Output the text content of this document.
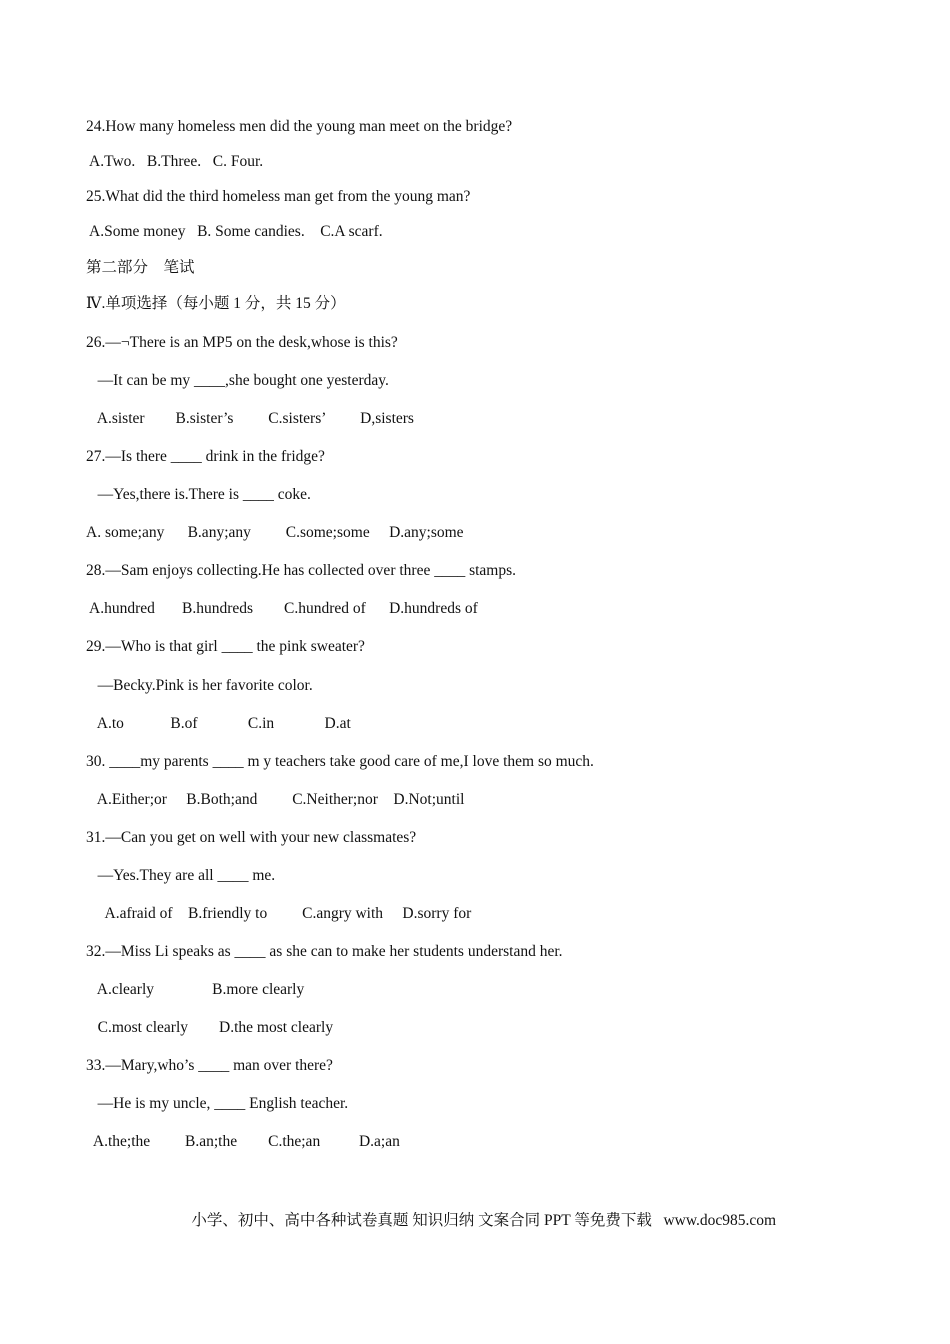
24.How many homeless men did the young man meet on the bridge?
A.Two.   B.Three.   C. Four.
25.What did the third homeless man get from the young man?
A.Some money   B. Some candies.    C.A scarf.
第二部分    笔试
Ⅳ.单项选择（每小题 1 分，共 15 分）
26.—¬There is an MP5 on the desk,whose is this?
—It can be my ____,she bought one yesterday.
A.sister        B.sister’s         C.sisters’         D,sisters
27.—Is there ____ drink in the fridge?
—Yes,there is.There is ____ coke.
A. some;any      B.any;any         C.some;some     D.any;some
28.—Sam enjoys collecting.He has collected over three ____ stamps.
A.hundred       B.hundreds        C.hundred of      D.hundreds of
29.—Who is that girl ____ the pink sweater?
—Becky.Pink is her favorite color.
A.to            B.of             C.in             D.at
30. ____my parents ____ m y teachers take good care of me,I love them so much.
A.Either;or     B.Both;and         C.Neither;nor    D.Not;until
31.—Can you get on well with your new classmates?
—Yes.They are all ____ me.
A.afraid of    B.friendly to         C.angry with     D.sorry for
32.—Miss Li speaks as ____ as she can to make her students understand her.
A.clearly               B.more clearly
C.most clearly        D.the most clearly
33.—Mary,who’s ____ man over there?
—He is my uncle, ____ English teacher.
A.the;the         B.an;the        C.the;an          D.a;an

小学、初中、高中各种试卷真题 知识归纳 文案合同 PPT 等免费下载   www.doc985.com
